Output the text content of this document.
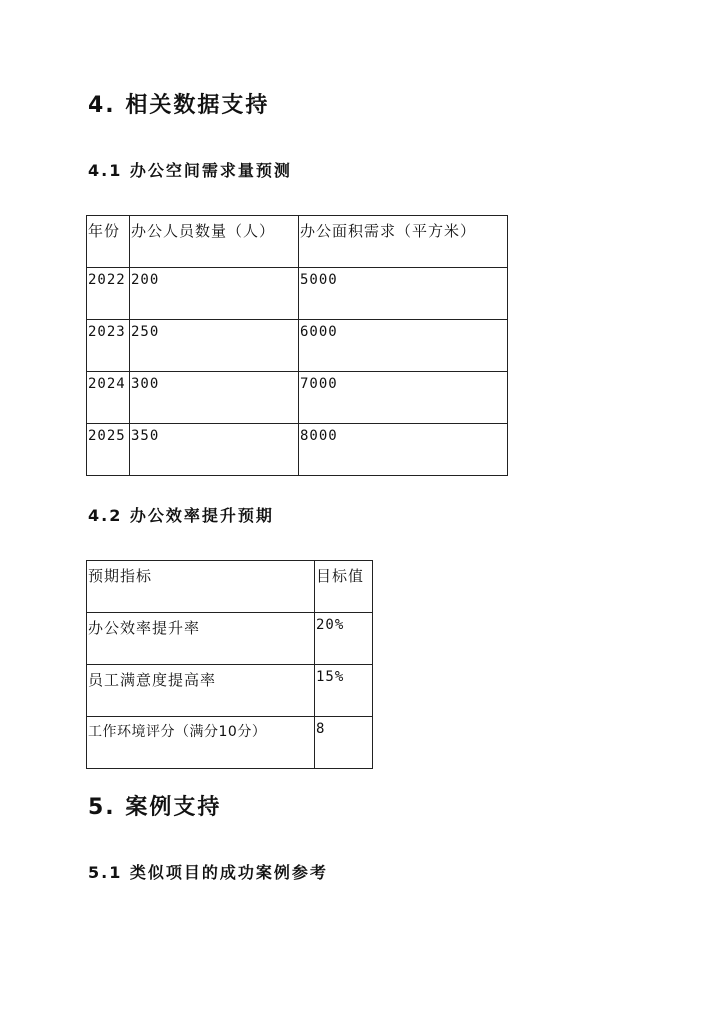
4. 相关数据支持
4.1 办公空间需求量预测
年份	办公人员数量（人）	办公面积需求（平方米）
2022	200	5000
2023	250	6000
2024	300	7000
2025	350	8000
4.2 办公效率提升预期
预期指标	目标值
办公效率提升率	20%
员工满意度提高率	15%
工作环境评分（满分10分）	8
5. 案例支持
5.1 类似项目的成功案例参考
